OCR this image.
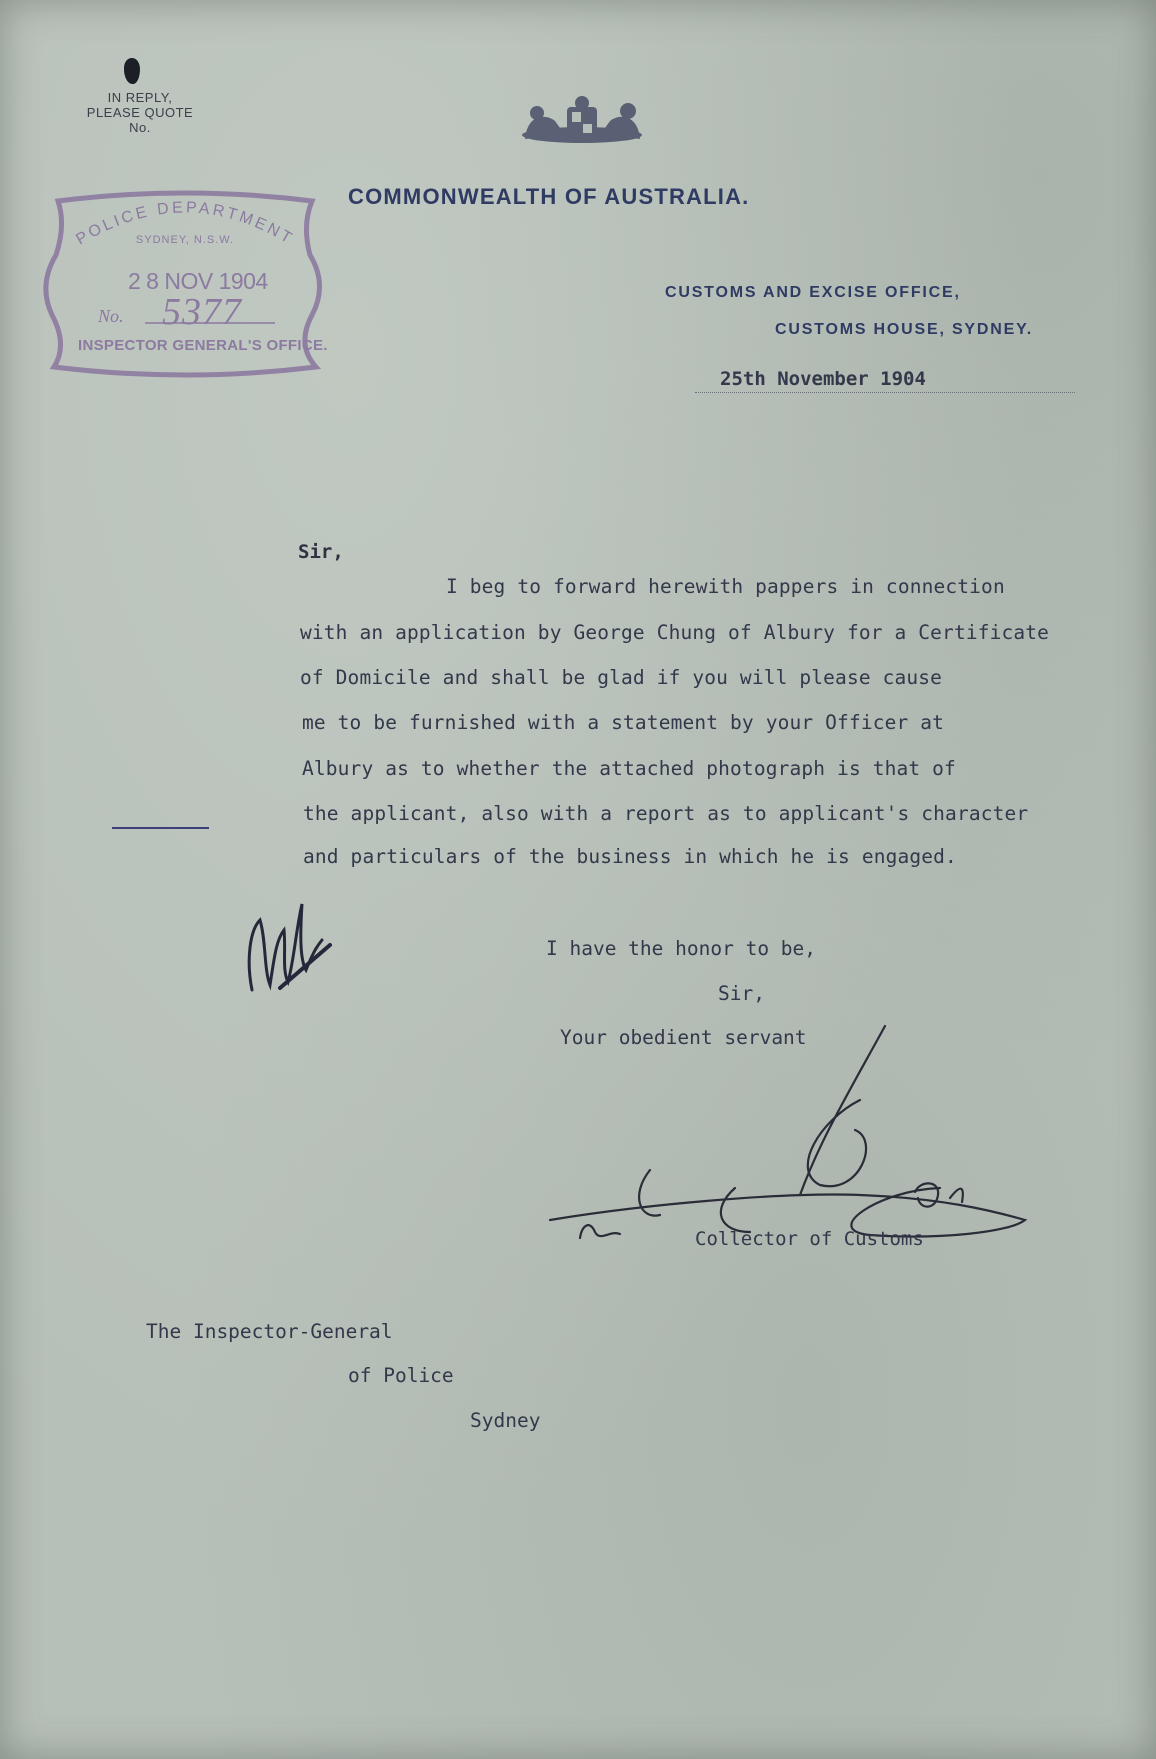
IN REPLY,
PLEASE QUOTE
No.
COMMONWEALTH OF AUSTRALIA.
POLICE DEPARTMENT
SYDNEY, N.S.W.
2 8 NOV 1904
No. 5377
INSPECTOR GENERAL'S OFFICE.
CUSTOMS AND EXCISE OFFICE,
CUSTOMS HOUSE, SYDNEY.
25th November 1904
Sir,
I beg to forward herewith pappers in connection
with an application by George Chung of Albury for a Certificate
of Domicile and shall be glad if you will please cause
me to be furnished with a statement by your Officer at
Albury as to whether the attached photograph is that of
the applicant, also with a report as to applicant's character
and particulars of the business in which he is engaged.
I have the honor to be,
Sir,
Your obedient servant
Collector of Customs
The Inspector-General
of Police
Sydney
